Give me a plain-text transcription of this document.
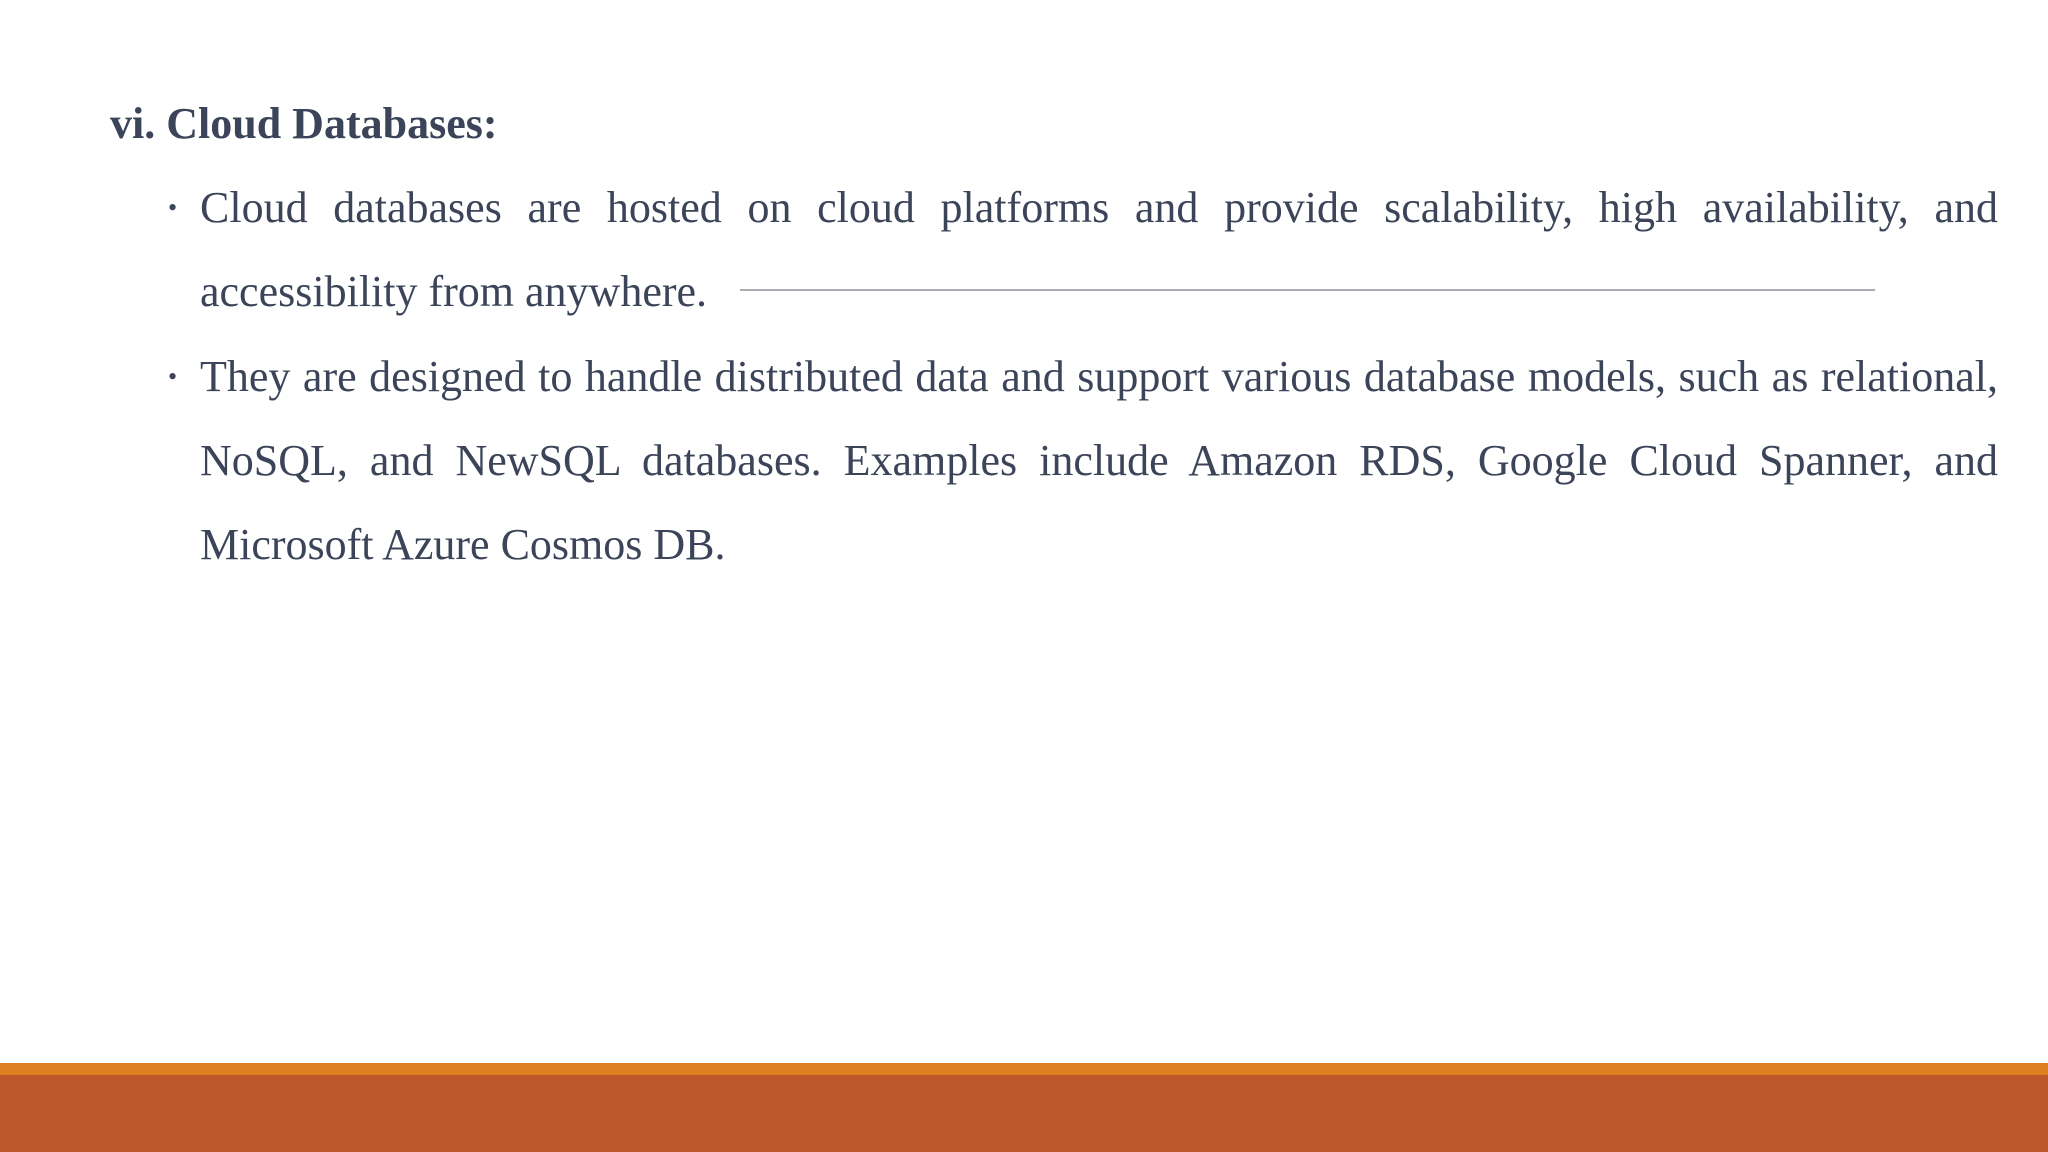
vi. Cloud Databases:
• Cloud databases are hosted on cloud platforms and provide scalability, high availability, and accessibility from anywhere.
• They are designed to handle distributed data and support various database models, such as relational, NoSQL, and NewSQL databases. Examples include Amazon RDS, Google Cloud Spanner, and Microsoft Azure Cosmos DB.
